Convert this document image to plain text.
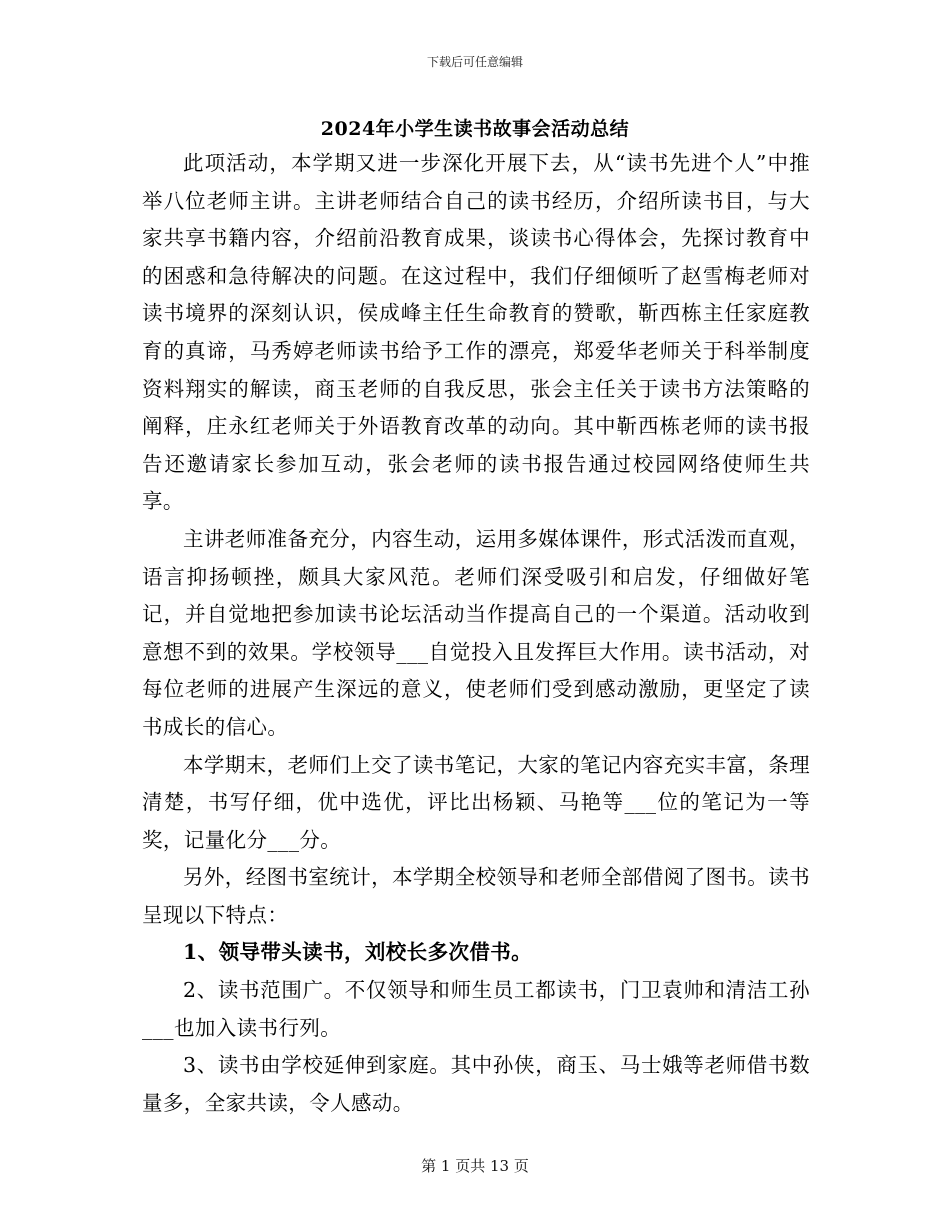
下载后可任意编辑
2024年小学生读书故事会活动总结

此项活动，本学期又进一步深化开展下去，从“读书先进个人”中推举八位老师主讲。主讲老师结合自己的读书经历，介绍所读书目，与大家共享书籍内容，介绍前沿教育成果，谈读书心得体会，先探讨教育中的困惑和急待解决的问题。在这过程中，我们仔细倾听了赵雪梅老师对读书境界的深刻认识，侯成峰主任生命教育的赞歌，靳西栋主任家庭教育的真谛，马秀婷老师读书给予工作的漂亮，郑爱华老师关于科举制度资料翔实的解读，商玉老师的自我反思，张会主任关于读书方法策略的阐释，庄永红老师关于外语教育改革的动向。其中靳西栋老师的读书报告还邀请家长参加互动，张会老师的读书报告通过校园网络使师生共享。

主讲老师准备充分，内容生动，运用多媒体课件，形式活泼而直观，语言抑扬顿挫，颇具大家风范。老师们深受吸引和启发，仔细做好笔记，并自觉地把参加读书论坛活动当作提高自己的一个渠道。活动收到意想不到的效果。学校领导___自觉投入且发挥巨大作用。读书活动，对每位老师的进展产生深远的意义，使老师们受到感动激励，更坚定了读书成长的信心。

本学期末，老师们上交了读书笔记，大家的笔记内容充实丰富，条理清楚，书写仔细，优中选优，评比出杨颖、马艳等___位的笔记为一等奖，记量化分___分。

另外，经图书室统计，本学期全校领导和老师全部借阅了图书。读书呈现以下特点：

1、领导带头读书，刘校长多次借书。

2、读书范围广。不仅领导和师生员工都读书，门卫袁帅和清洁工孙___也加入读书行列。

3、读书由学校延伸到家庭。其中孙侠，商玉、马士娥等老师借书数量多，全家共读，令人感动。

第 1 页共 13 页
